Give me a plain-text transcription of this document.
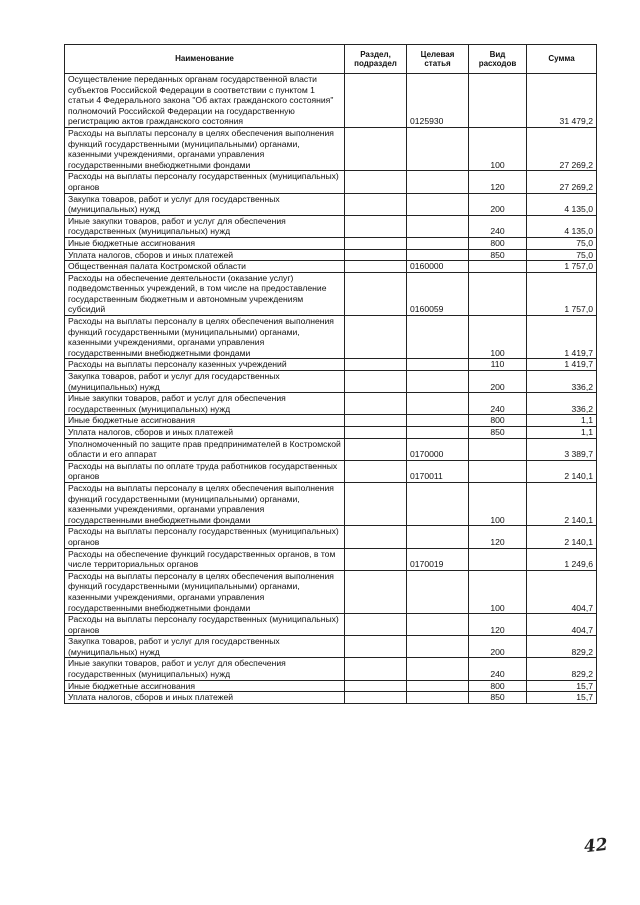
Наименование	Раздел, подраздел	Целевая статья	Вид расходов	Сумма
Осуществление переданных органам государственной власти субъектов Российской Федерации в соответствии с пунктом 1 статьи 4 Федерального закона "Об актах гражданского состояния" полномочий Российской Федерации на государственную регистрацию актов гражданского состояния		0125930		31 479,2
Расходы на выплаты персоналу в целях обеспечения выполнения функций государственными (муниципальными) органами, казенными учреждениями, органами управления государственными внебюджетными фондами			100	27 269,2
Расходы на выплаты персоналу государственных (муниципальных) органов			120	27 269,2
Закупка товаров, работ и услуг для государственных (муниципальных) нужд			200	4 135,0
Иные закупки товаров, работ и услуг для обеспечения государственных (муниципальных) нужд			240	4 135,0
Иные бюджетные ассигнования			800	75,0
Уплата налогов, сборов и иных платежей			850	75,0
Общественная палата Костромской области		0160000		1 757,0
Расходы на обеспечение деятельности (оказание услуг) подведомственных учреждений, в том числе на предоставление государственным бюджетным и автономным учреждениям субсидий		0160059		1 757,0
Расходы на выплаты персоналу в целях обеспечения выполнения функций государственными (муниципальными) органами, казенными учреждениями, органами управления государственными внебюджетными фондами			100	1 419,7
Расходы на выплаты персоналу казенных учреждений			110	1 419,7
Закупка товаров, работ и услуг для государственных (муниципальных) нужд			200	336,2
Иные закупки товаров, работ и услуг для обеспечения государственных (муниципальных) нужд			240	336,2
Иные бюджетные ассигнования			800	1,1
Уплата налогов, сборов и иных платежей			850	1,1
Уполномоченный по защите прав предпринимателей в Костромской области и его аппарат		0170000		3 389,7
Расходы на выплаты по оплате труда работников государственных органов		0170011		2 140,1
Расходы на выплаты персоналу в целях обеспечения выполнения функций государственными (муниципальными) органами, казенными учреждениями, органами управления государственными внебюджетными фондами			100	2 140,1
Расходы на выплаты персоналу государственных (муниципальных) органов			120	2 140,1
Расходы на обеспечение функций государственных органов, в том числе территориальных органов		0170019		1 249,6
Расходы на выплаты персоналу в целях обеспечения выполнения функций государственными (муниципальными) органами, казенными учреждениями, органами управления государственными внебюджетными фондами			100	404,7
Расходы на выплаты персоналу государственных (муниципальных) органов			120	404,7
Закупка товаров, работ и услуг для государственных (муниципальных) нужд			200	829,2
Иные закупки товаров, работ и услуг для обеспечения государственных (муниципальных) нужд			240	829,2
Иные бюджетные ассигнования			800	15,7
Уплата налогов, сборов и иных платежей			850	15,7
42
